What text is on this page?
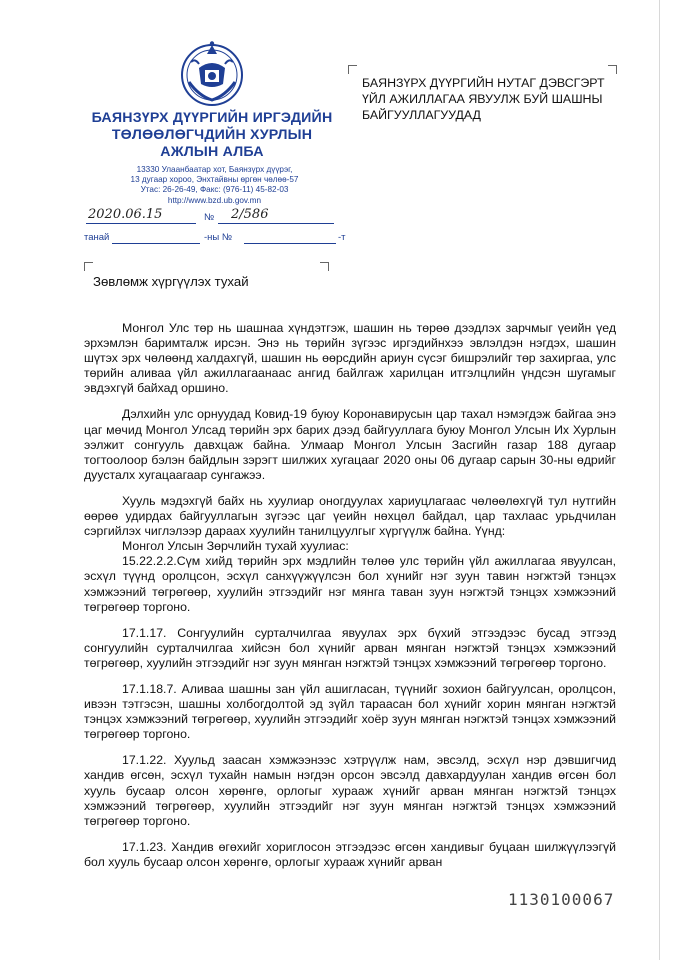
БАЯНЗҮРХ ДҮҮРГИЙН ИРГЭДИЙН
ТӨЛӨӨЛӨГЧДИЙН ХУРЛЫН
АЖЛЫН АЛБА
13330 Улаанбаатар хот, Баянзүрх дүүрэг,
13 дугаар хороо, Энхтайвны өргөн чөлөө-57
Утас: 26-26-49, Факс: (976-11) 45-82-03
http://www.bzd.ub.gov.mn
2020.06.15	№ 2/586
танай	-ны №	-т
БАЯНЗҮРХ ДҮҮРГИЙН НУТАГ ДЭВСГЭРТ
ҮЙЛ АЖИЛЛАГАА ЯВУУЛЖ БУЙ ШАШНЫ
БАЙГУУЛЛАГУУДАД
Зөвлөмж хүргүүлэх тухай

Монгол Улс төр нь шашнаа хүндэтгэж, шашин нь төрөө дээдлэх зарчмыг үеийн үед эрхэмлэн баримталж ирсэн. Энэ нь төрийн зүгээс иргэдийнхээ эвлэлдэн нэгдэх, шашин шүтэх эрх чөлөөнд халдахгүй, шашин нь өөрсдийн ариун сүсэг бишрэлийг төр захиргаа, улс төрийн аливаа үйл ажиллагаанаас ангид байлгаж харилцан итгэлцлийн үндсэн шугамыг эвдэхгүй байхад оршино.

Дэлхийн улс орнуудад Ковид-19 буюу Коронавирусын цар тахал нэмэгдэж байгаа энэ цаг мөчид Монгол Улсад төрийн эрх барих дээд байгууллага буюу Монгол Улсын Их Хурлын ээлжит сонгууль давхцаж байна. Улмаар Монгол Улсын Засгийн газар 188 дугаар тогтоолоор бэлэн байдлын зэрэгт шилжих хугацааг 2020 оны 06 дугаар сарын 30-ны өдрийг дуусталх хугацаагаар сунгажээ.

Хууль мэдэхгүй байх нь хуулиар оногдуулах хариуцлагаас чөлөөлөхгүй тул нутгийн өөрөө удирдах байгууллагын зүгээс цаг үеийн нөхцөл байдал, цар тахлаас урьдчилан сэргийлэх чиглэлээр дараах хуулийн танилцуулгыг хүргүүлж байна. Үүнд:

Монгол Улсын Зөрчлийн тухай хуулиас:

15.22.2.2.Сүм хийд төрийн эрх мэдлийн төлөө улс төрийн үйл ажиллагаа явуулсан, эсхүл түүнд оролцсон, эсхүл санхүүжүүлсэн бол хүнийг нэг зуун тавин нэгжтэй тэнцэх хэмжээний төгрөгөөр, хуулийн этгээдийг нэг мянга таван зуун нэгжтэй тэнцэх хэмжээний төгрөгөөр торгоно.

17.1.17. Сонгуулийн сурталчилгаа явуулах эрх бүхий этгээдээс бусад этгээд сонгуулийн сурталчилгаа хийсэн бол хүнийг арван мянган нэгжтэй тэнцэх хэмжээний төгрөгөөр, хуулийн этгээдийг нэг зуун мянган нэгжтэй тэнцэх хэмжээний төгрөгөөр торгоно.

17.1.18.7. Аливаа шашны зан үйл ашигласан, түүнийг зохион байгуулсан, оролцсон, ивээн тэтгэсэн, шашны холбогдолтой эд зүйл тараасан бол хүнийг хорин мянган нэгжтэй тэнцэх хэмжээний төгрөгөөр, хуулийн этгээдийг хоёр зуун мянган нэгжтэй тэнцэх хэмжээний төгрөгөөр торгоно.

17.1.22. Хуульд заасан хэмжээнээс хэтрүүлж нам, эвсэлд, эсхүл нэр дэвшигчид хандив өгсөн, эсхүл тухайн намын нэгдэн орсон эвсэлд давхардуулан хандив өгсөн бол хууль бусаар олсон хөрөнгө, орлогыг хурааж хүнийг арван мянган нэгжтэй тэнцэх хэмжээний төгрөгөөр, хуулийн этгээдийг нэг зуун мянган нэгжтэй тэнцэх хэмжээний төгрөгөөр торгоно.

17.1.23. Хандив өгөхийг хориглосон этгээдээс өгсөн хандивыг буцаан шилжүүлээгүй бол хууль бусаар олсон хөрөнгө, орлогыг хурааж хүнийг арван

1130100067
